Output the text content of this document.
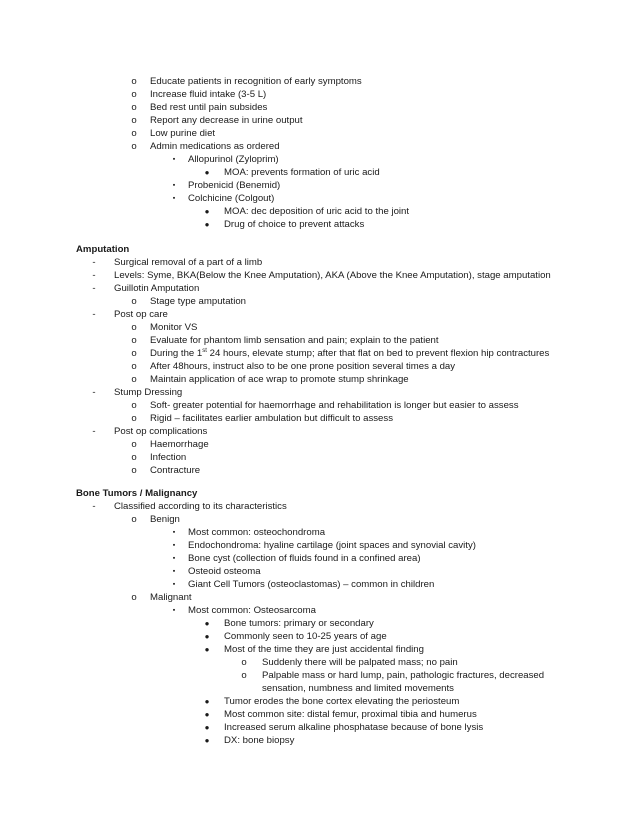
o	Educate patients in recognition of early symptoms
o	Increase fluid intake (3-5 L)
o	Bed rest until pain subsides
o	Report any decrease in urine output
o	Low purine diet
o	Admin medications as ordered
▪	Allopurinol (Zyloprim)
●	MOA: prevents formation of uric acid
▪	Probenicid (Benemid)
▪	Colchicine (Colgout)
●	MOA: dec deposition of uric acid to the joint
●	Drug of choice to prevent attacks
Amputation
-	Surgical removal of a part of a limb
-	Levels: Syme, BKA(Below the Knee Amputation), AKA (Above the Knee Amputation), stage amputation
-	Guillotin Amputation
o	Stage type amputation
-	Post op care
o	Monitor VS
o	Evaluate for phantom limb sensation and pain; explain to the patient
o	During the 1st 24 hours, elevate stump; after that flat on bed to prevent flexion hip contractures
o	After 48hours, instruct also to be one prone position several times a day
o	Maintain application of ace wrap to promote stump shrinkage
-	Stump Dressing
o	Soft- greater potential for haemorrhage and rehabilitation is longer but easier to assess
o	Rigid – facilitates earlier ambulation but difficult to assess
-	Post op complications
o	Haemorrhage
o	Infection
o	Contracture
Bone Tumors / Malignancy
-	Classified according to its characteristics
o	Benign
▪	Most common: osteochondroma
▪	Endochondroma: hyaline cartilage (joint spaces and synovial cavity)
▪	Bone cyst (collection of fluids found in a confined area)
▪	Osteoid osteoma
▪	Giant Cell Tumors (osteoclastomas) – common in children
o	Malignant
▪	Most common: Osteosarcoma
●	Bone tumors: primary or secondary
●	Commonly seen to 10-25 years of age
●	Most of the time they are just accidental finding
o	Suddenly there will be palpated mass; no pain
o	Palpable mass or hard lump, pain, pathologic fractures, decreased
sensation, numbness and limited movements
●	Tumor erodes the bone cortex elevating the periosteum
●	Most common site: distal femur, proximal tibia and humerus
●	Increased serum alkaline phosphatase because of bone lysis
●	DX: bone biopsy
